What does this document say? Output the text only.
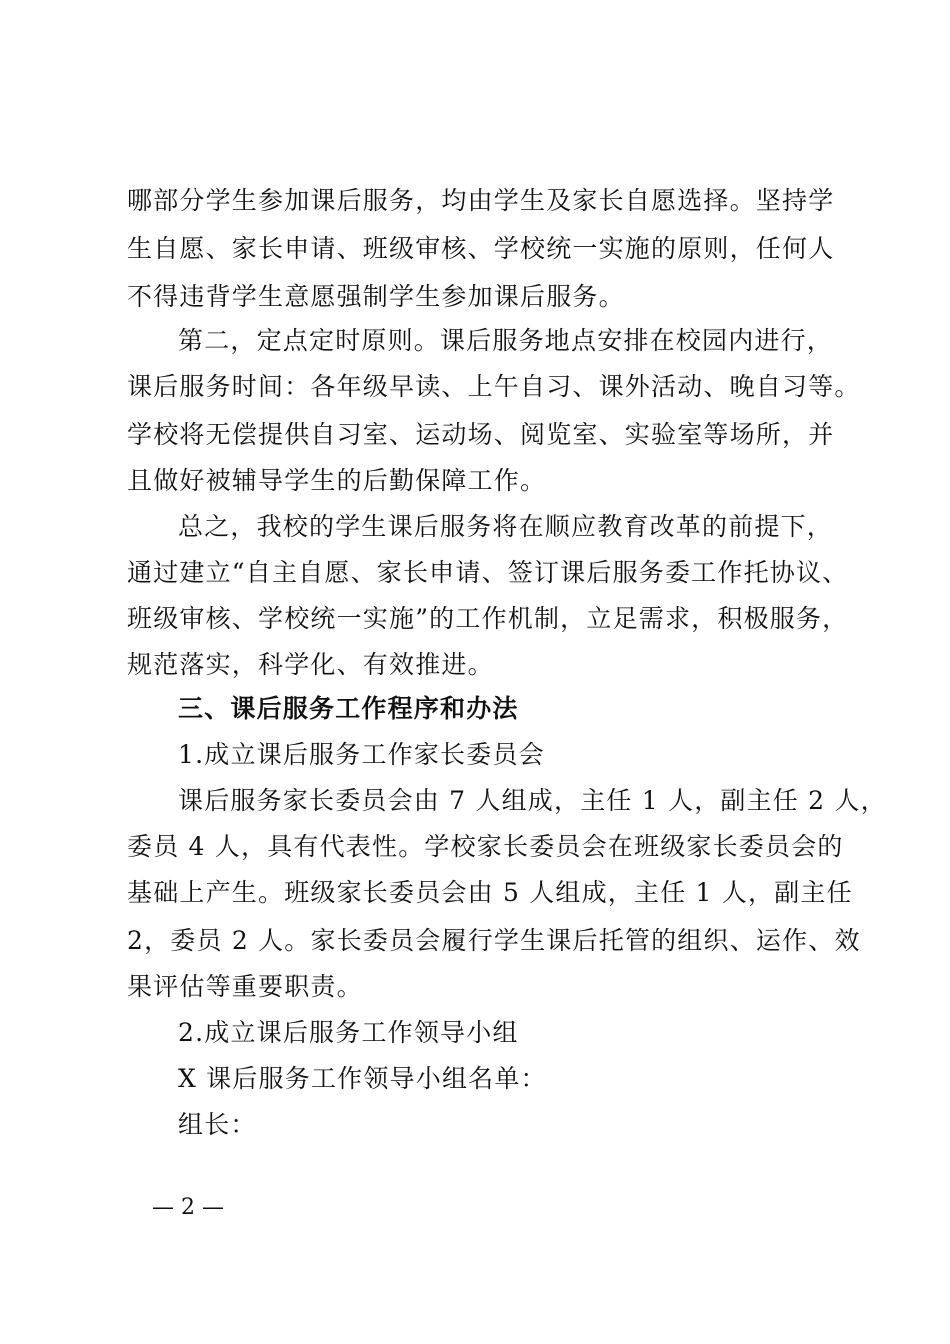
哪部分学生参加课后服务，均由学生及家长自愿选择。坚持学

生自愿、家长申请、班级审核、学校统一实施的原则，任何人

不得违背学生意愿强制学生参加课后服务。

第二，定点定时原则。课后服务地点安排在校园内进行，

课后服务时间：各年级早读、上午自习、课外活动、晚自习等。

学校将无偿提供自习室、运动场、阅览室、实验室等场所，并

且做好被辅导学生的后勤保障工作。

总之，我校的学生课后服务将在顺应教育改革的前提下，

通过建立“自主自愿、家长申请、签订课后服务委工作托协议、

班级审核、学校统一实施”的工作机制，立足需求，积极服务，

规范落实，科学化、有效推进。

三、课后服务工作程序和办法

1.成立课后服务工作家长委员会

课后服务家长委员会由 7 人组成，主任 1 人，副主任 2 人，

委员 4 人，具有代表性。学校家长委员会在班级家长委员会的

基础上产生。班级家长委员会由 5 人组成，主任 1 人，副主任

2，委员 2 人。家长委员会履行学生课后托管的组织、运作、效

果评估等重要职责。

2.成立课后服务工作领导小组

X 课后服务工作领导小组名单：

组长：

— 2 —
